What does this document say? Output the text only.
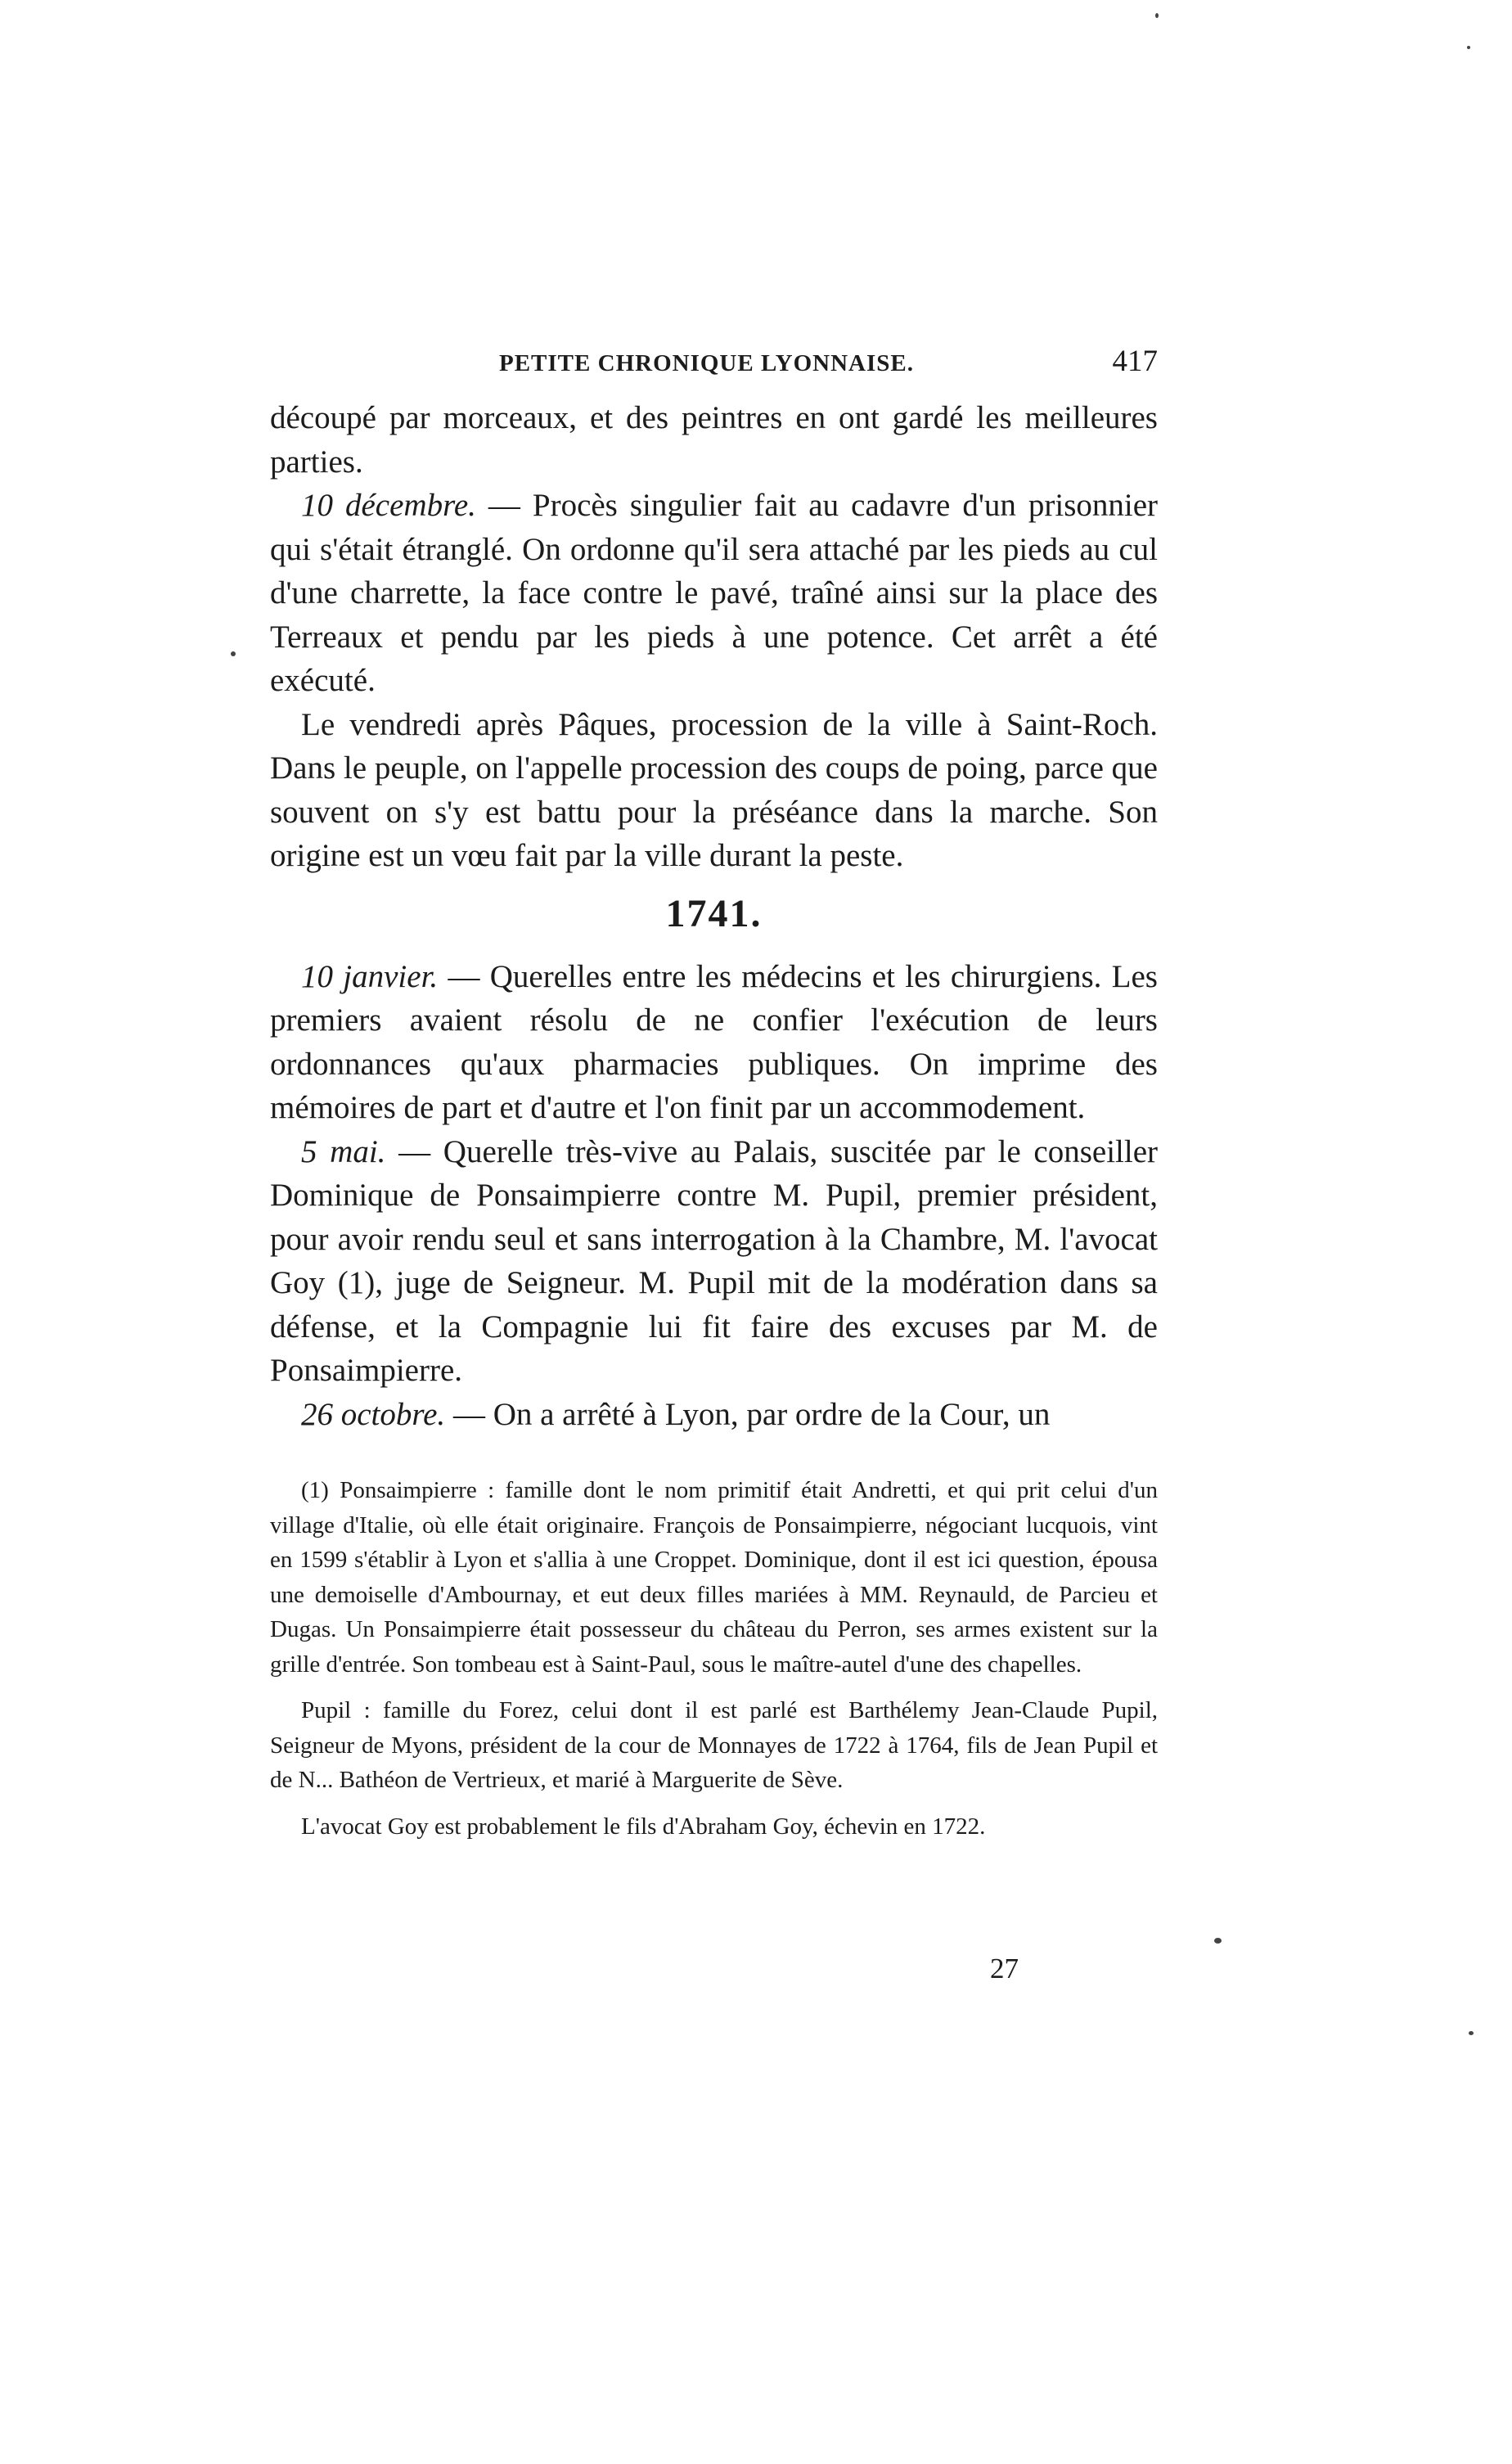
PETITE CHRONIQUE LYONNAISE.	417

découpé par morceaux, et des peintres en ont gardé les meilleures parties.

10 décembre. — Procès singulier fait au cadavre d'un prisonnier qui s'était étranglé. On ordonne qu'il sera attaché par les pieds au cul d'une charrette, la face contre le pavé, traîné ainsi sur la place des Terreaux et pendu par les pieds à une potence. Cet arrêt a été exécuté.

Le vendredi après Pâques, procession de la ville à Saint-Roch. Dans le peuple, on l'appelle procession des coups de poing, parce que souvent on s'y est battu pour la préséance dans la marche. Son origine est un vœu fait par la ville durant la peste.

1741.

10 janvier. — Querelles entre les médecins et les chirurgiens. Les premiers avaient résolu de ne confier l'exécution de leurs ordonnances qu'aux pharmacies publiques. On imprime des mémoires de part et d'autre et l'on finit par un accommodement.

5 mai. — Querelle très-vive au Palais, suscitée par le conseiller Dominique de Ponsaimpierre contre M. Pupil, premier président, pour avoir rendu seul et sans interrogation à la Chambre, M. l'avocat Goy (1), juge de Seigneur. M. Pupil mit de la modération dans sa défense, et la Compagnie lui fit faire des excuses par M. de Ponsaimpierre.

26 octobre. — On a arrêté à Lyon, par ordre de la Cour, un

(1) Ponsaimpierre : famille dont le nom primitif était Andretti, et qui prit celui d'un village d'Italie, où elle était originaire. François de Ponsaimpierre, négociant lucquois, vint en 1599 s'établir à Lyon et s'allia à une Croppet. Dominique, dont il est ici question, épousa une demoiselle d'Ambournay, et eut deux filles mariées à MM. Reynauld, de Parcieu et Dugas. Un Ponsaimpierre était possesseur du château du Perron, ses armes existent sur la grille d'entrée. Son tombeau est à Saint-Paul, sous le maître-autel d'une des chapelles.

Pupil : famille du Forez, celui dont il est parlé est Barthélemy Jean-Claude Pupil, Seigneur de Myons, président de la cour de Monnayes de 1722 à 1764, fils de Jean Pupil et de N... Bathéon de Vertrieux, et marié à Marguerite de Sève.

L'avocat Goy est probablement le fils d'Abraham Goy, échevin en 1722.

27
